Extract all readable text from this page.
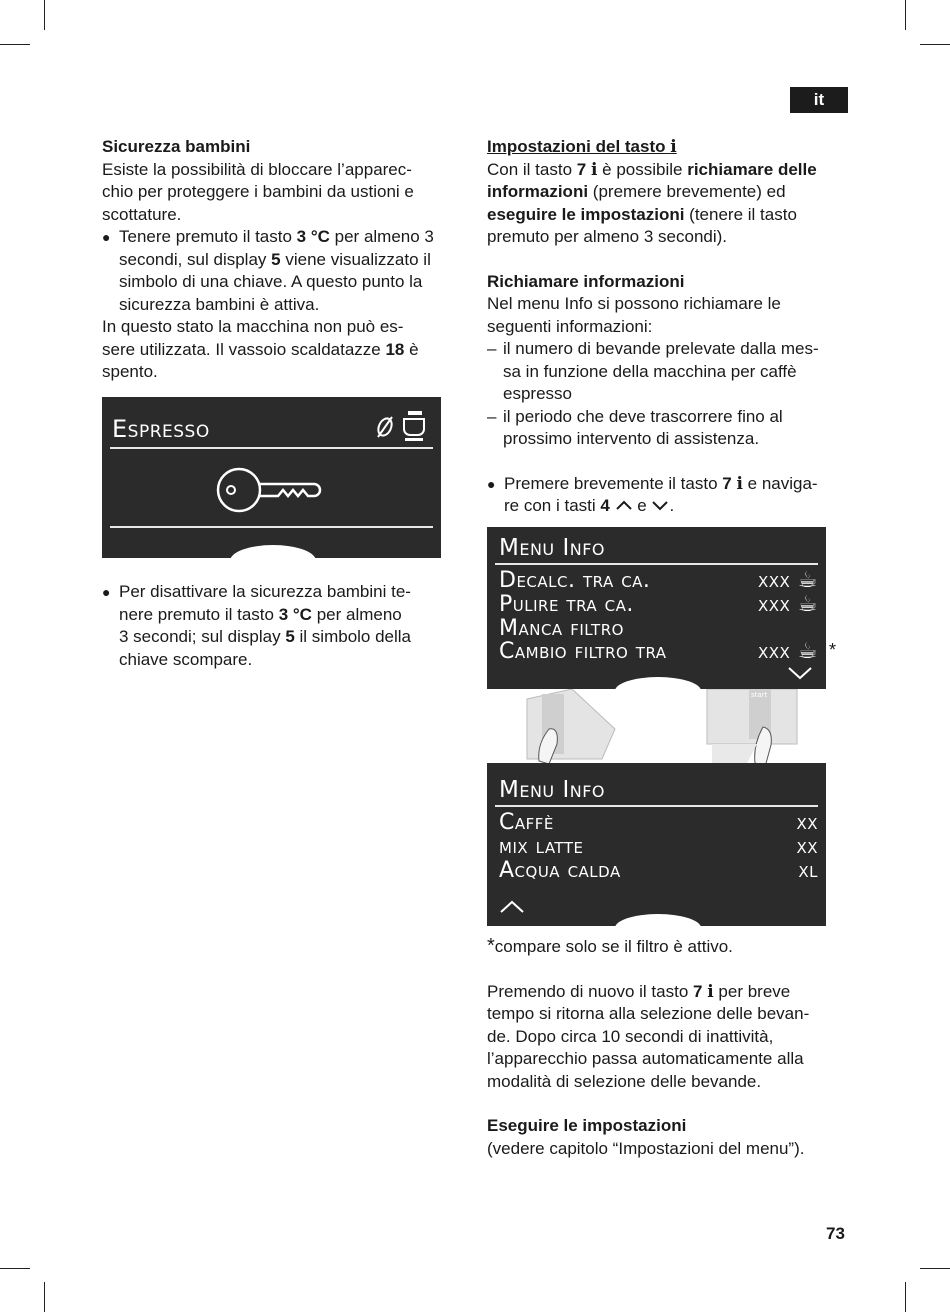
it

Sicurezza bambini

Esiste la possibilità di bloccare l’apparec-

chio per proteggere i bambini da ustioni e

scottature.

● Tenere premuto il tasto 3 °C per almeno 3

secondi, sul display 5 viene visualizzato il

simbolo di una chiave. A questo punto la

sicurezza bambini è attiva.

In questo stato la macchina non può es-

sere utilizzata. Il vassoio scaldatazze 18 è

spento.

Espresso

● Per disattivare la sicurezza bambini te-

nere premuto il tasto 3 °C per almeno

3 secondi; sul display 5 il simbolo della

chiave scompare.

Impostazioni del tasto i

Con il tasto 7 i è possibile richiamare delle

informazioni (premere brevemente) ed

eseguire le impostazioni (tenere il tasto

premuto per almeno 3 secondi).

Richiamare informazioni

Nel menu Info si possono richiamare le

seguenti informazioni:

– il numero di bevande prelevate dalla mes-

sa in funzione della macchina per caffè

espresso

– il periodo che deve trascorrere fino al

prossimo intervento di assistenza.

● Premere brevemente il tasto 7 i e naviga-

re con i tasti 4  e .

Menu Info
Decalc. tra ca.	xxx ☕
Pulire tra ca.	xxx ☕
Manca filtro
Cambio filtro tra	xxx ☕ *
start
Menu Info
Caffè	xx
mix latte	xx
Acqua calda	xl

*compare solo se il filtro è attivo.

Premendo di nuovo il tasto 7 i per breve

tempo si ritorna alla selezione delle bevan-

de. Dopo circa 10 secondi di inattività,

l’apparecchio passa automaticamente alla

modalità di selezione delle bevande.

Eseguire le impostazioni

(vedere capitolo “Impostazioni del menu”).

73
